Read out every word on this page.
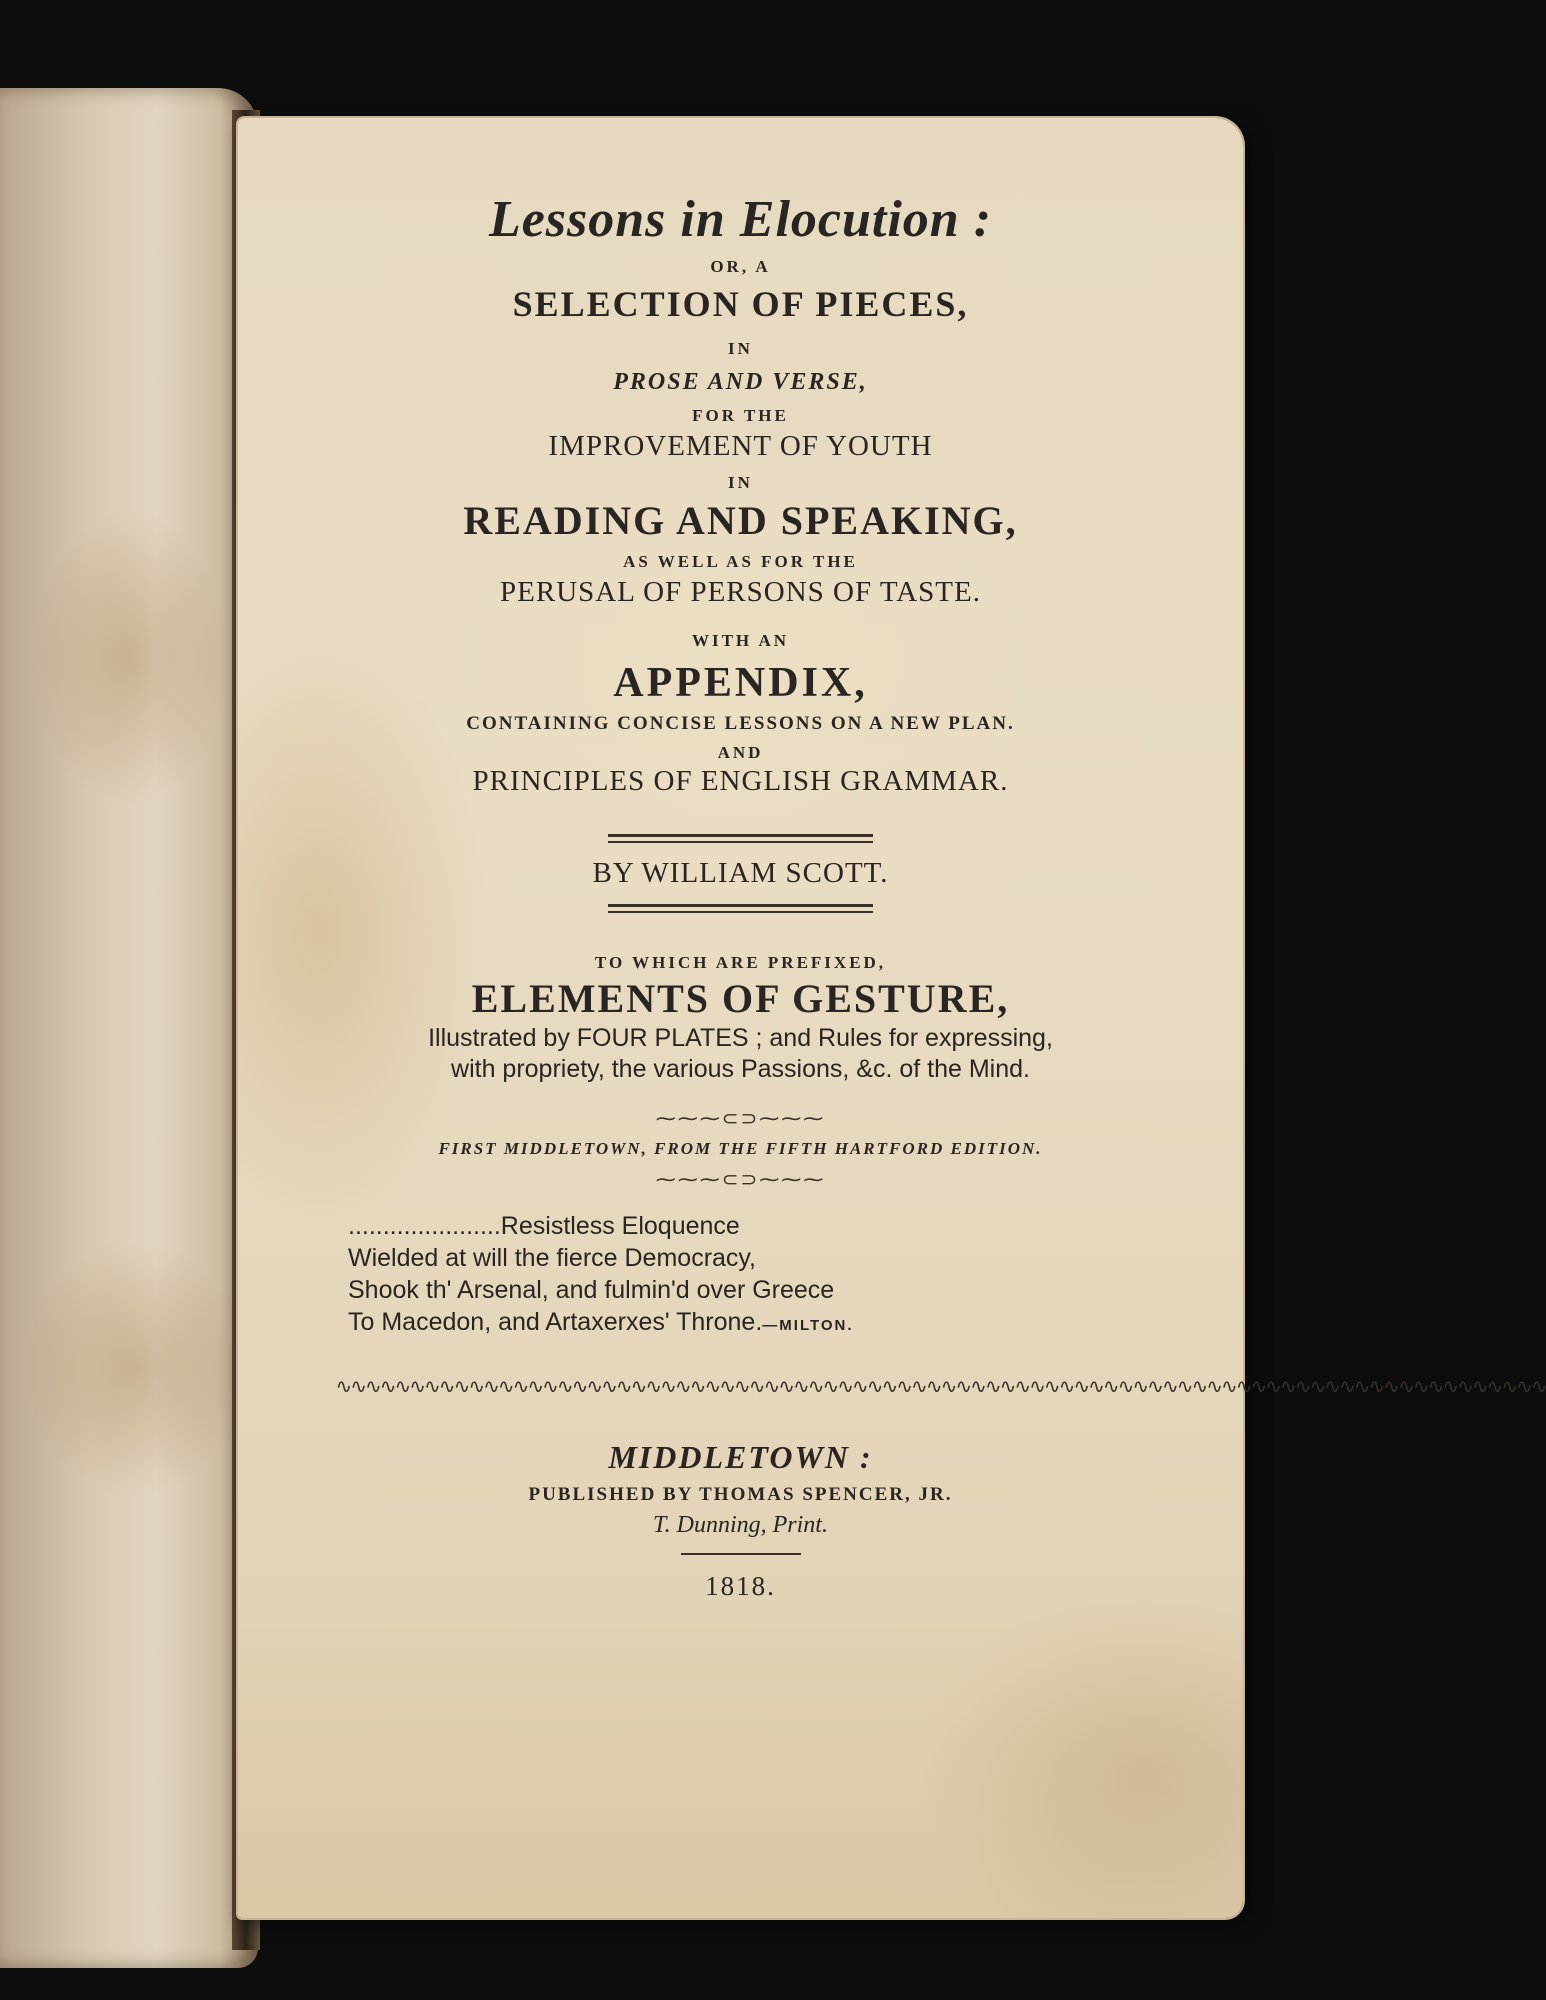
Lessons in Elocution :

OR, A

SELECTION OF PIECES,

IN

PROSE AND VERSE,

FOR THE

IMPROVEMENT OF YOUTH

IN

READING AND SPEAKING,

AS WELL AS FOR THE

PERUSAL OF PERSONS OF TASTE.

WITH AN

APPENDIX,

CONTAINING CONCISE LESSONS ON A NEW PLAN.

AND

PRINCIPLES OF ENGLISH GRAMMAR.

BY WILLIAM SCOTT.

TO WHICH ARE PREFIXED,

ELEMENTS OF GESTURE,

Illustrated by FOUR PLATES ; and Rules for expressing,

with propriety, the various Passions, &c. of the Mind.

⁓⁓⁓⊂⊃⁓⁓⁓

FIRST MIDDLETOWN, FROM THE FIFTH HARTFORD EDITION.

⁓⁓⁓⊂⊃⁓⁓⁓

......................Resistless Eloquence
Wielded at will the fierce Democracy,
Shook th' Arsenal, and fulmin'd over Greece
To Macedon, and Artaxerxes' Throne.—MILTON.

∿∿∿∿∿∿∿∿∿∿∿∿∿∿∿∿∿∿∿∿∿∿∿∿∿∿∿∿∿∿∿∿∿∿∿∿∿∿∿∿∿∿∿∿∿∿∿∿∿∿∿∿∿∿∿∿∿∿∿∿∿∿∿∿∿∿∿∿∿∿∿∿∿∿∿∿∿∿∿∿∿∿

MIDDLETOWN :

PUBLISHED BY THOMAS SPENCER, JR.

T. Dunning, Print.

1818.
